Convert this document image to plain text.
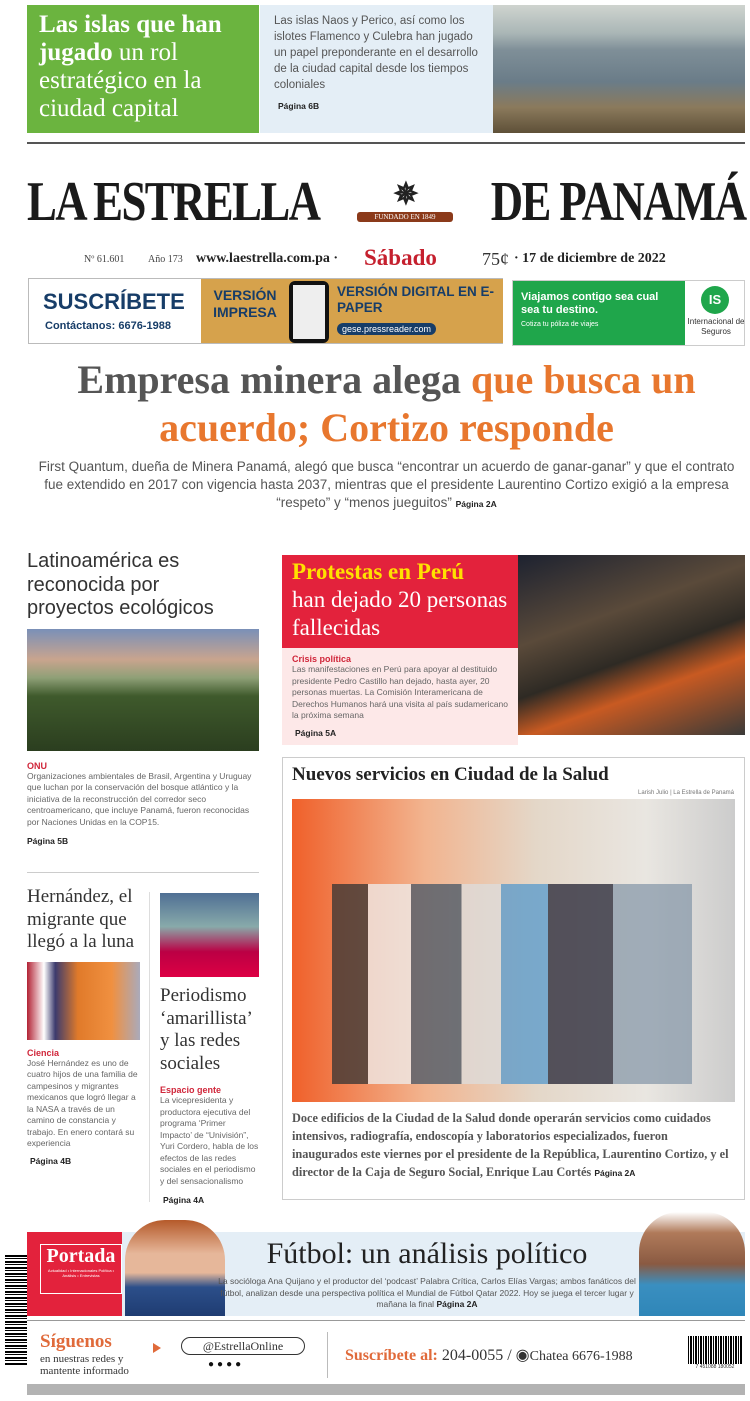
Las islas que han jugado un rol estratégico en la ciudad capital
Las islas Naos y Perico, así como los islotes Flamenco y Culebra han jugado un papel preponderante en el desarrollo de la ciudad capital desde los tiempos coloniales
Página 6B
LA ESTRELLA	✵
FUNDADO EN 1849 DE PANAMÁ
Nº 61.601 Año 173 www.laestrella.com.pa · Sábado	75¢ · 17 de diciembre de 2022
SUSCRÍBETE
Contáctanos: 6676-1988
VERSIÓN IMPRESA
VERSIÓN DIGITAL EN E-PAPER
gese.pressreader.com
Viajamos contigo sea cual sea tu destino.
Cotiza tu póliza de viajes
IS
Internacional de Seguros
Empresa minera alega que busca un acuerdo; Cortizo responde
First Quantum, dueña de Minera Panamá, alegó que busca “encontrar un acuerdo de ganar-ganar” y que el contrato fue extendido en 2017 con vigencia hasta 2037, mientras que el presidente Laurentino Cortizo exigió a la empresa “respeto” y “menos jueguitos” Página 2A
Latinoamérica es reconocida por proyectos ecológicos
ONU
Organizaciones ambientales de Brasil, Argentina y Uruguay que luchan por la conservación del bosque atlántico y la iniciativa de la reconstrucción del corredor seco centroamericano, que incluye Panamá, fueron reconocidas por Naciones Unidas en la COP15.
Página 5B
Hernández, el migrante que llegó a la luna
Ciencia
José Hernández es uno de cuatro hijos de una familia de campesinos y migrantes mexicanos que logró llegar a la NASA a través de un camino de constancia y trabajo. En enero contará su experiencia
Página 4B
Periodismo ‘amarillista’ y las redes sociales
Espacio gente
La vicepresidenta y productora ejecutiva del programa ‘Primer Impacto’ de “Univisión”, Yuri Cordero, habla de los efectos de las redes sociales en el periodismo y del sensacionalismo
Página 4A
Protestas en Perú
han dejado 20 personas fallecidas
Crisis política
Las manifestaciones en Perú para apoyar al destituido presidente Pedro Castillo han dejado, hasta ayer, 20 personas muertas. La Comisión Interamericana de Derechos Humanos hará una visita al país sudamericano la próxima semana
Página 5A
Nuevos servicios en Ciudad de la Salud
Larish Julio | La Estrella de Panamá
Doce edificios de la Ciudad de la Salud donde operarán servicios como cuidados intensivos, radiografía, endoscopía y laboratorios especializados, fueron inaugurados este viernes por el presidente de la República, Laurentino Cortizo, y el director de la Caja de Seguro Social, Enrique Lau Cortés Página 2A
Portada
Actualidad • Internacionales Política • Análisis • Entrevistas
Fútbol: un análisis político
La socióloga Ana Quijano y el productor del ‘podcast’ Palabra Crítica, Carlos Elías Vargas; ambos fanáticos del fútbol, analizan desde una perspectiva política el Mundial de Fútbol Qatar 2022. Hoy se juega el tercer lugar y mañana la final Página 2A
Síguenos
en nuestras redes y mantente informado
@EstrellaOnline
●●●●
Suscríbete al: 204-0055 / ◉Chatea 6676-1988
7 451088 180052
